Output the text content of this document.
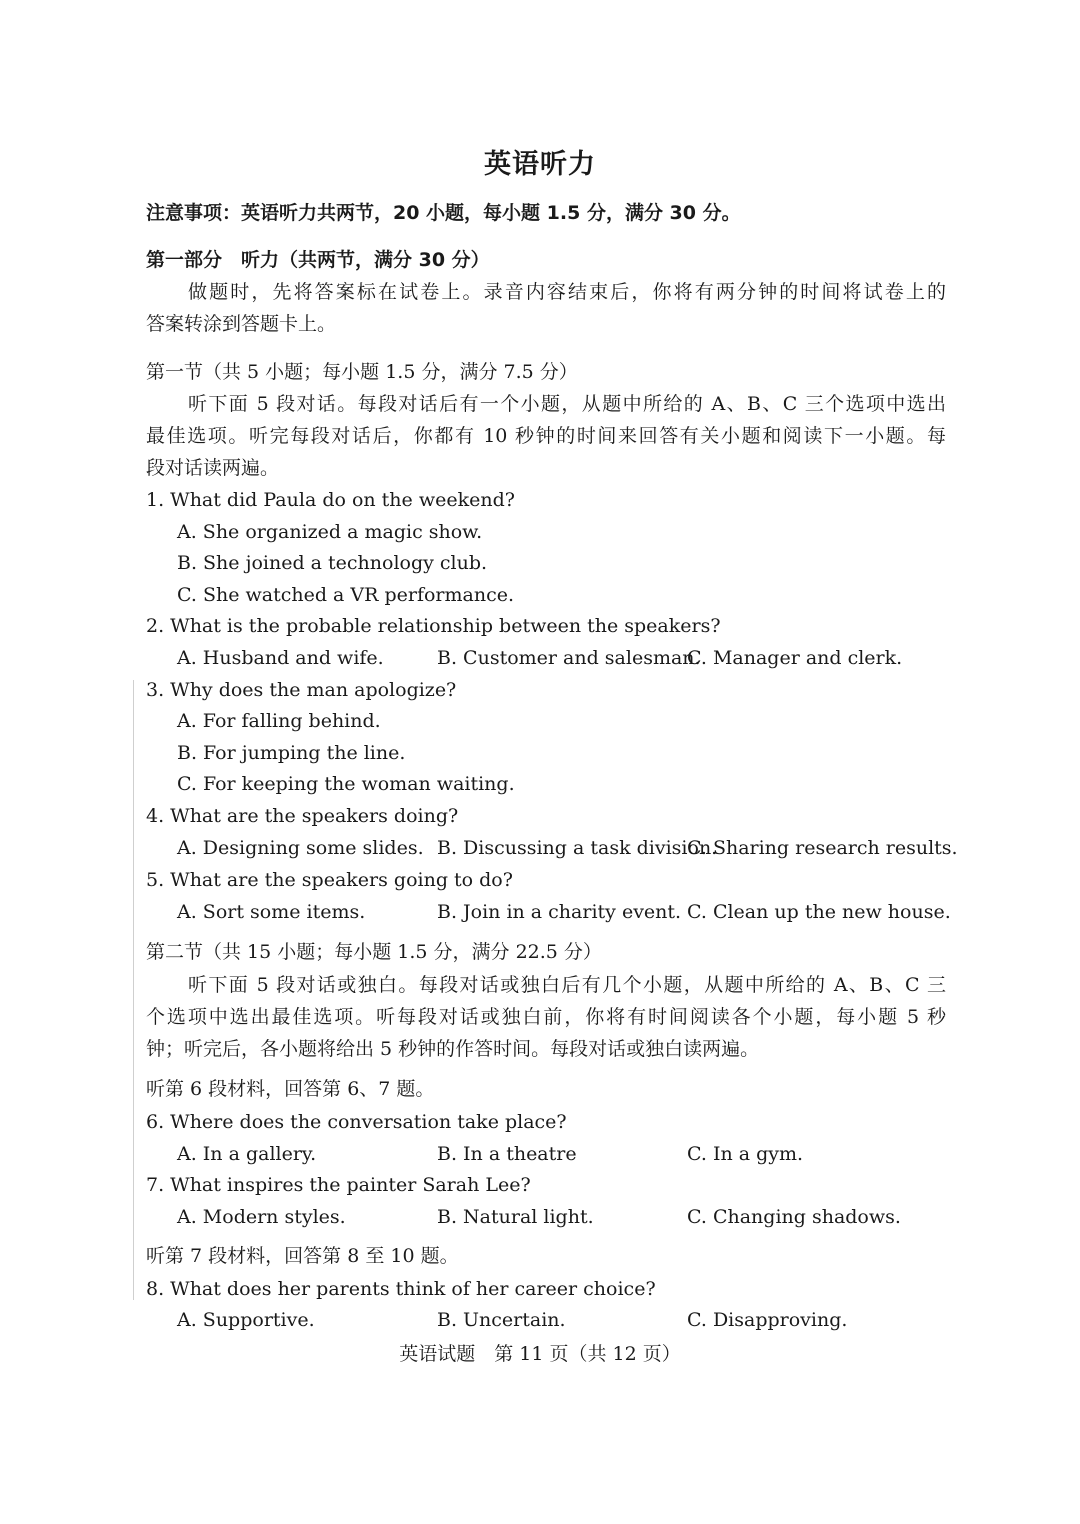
英语听力
注意事项：英语听力共两节，20 小题，每小题 1.5 分，满分 30 分。
第一部分　听力（共两节，满分 30 分）
做题时，先将答案标在试卷上。录音内容结束后，你将有两分钟的时间将试卷上的
答案转涂到答题卡上。
第一节（共 5 小题；每小题 1.5 分，满分 7.5 分）
听下面 5 段对话。每段对话后有一个小题，从题中所给的 A、B、C 三个选项中选出
最佳选项。听完每段对话后，你都有 10 秒钟的时间来回答有关小题和阅读下一小题。每
段对话读两遍。
1. What did Paula do on the weekend?
A. She organized a magic show.
B. She joined a technology club.
C. She watched a VR performance.
2. What is the probable relationship between the speakers?
A. Husband and wife.	B. Customer and salesman.
C. Manager and clerk.
3. Why does the man apologize?
A. For falling behind.
B. For jumping the line.
C. For keeping the woman waiting.
4. What are the speakers doing?
A. Designing some slides. B. Discussing a task division.
C. Sharing research results.
5. What are the speakers going to do?
A. Sort some items.	B. Join in a charity event. C. Clean up the new house.
第二节（共 15 小题；每小题 1.5 分，满分 22.5 分）
听下面 5 段对话或独白。每段对话或独白后有几个小题，从题中所给的 A、B、C 三
个选项中选出最佳选项。听每段对话或独白前，你将有时间阅读各个小题，每小题 5 秒
钟；听完后，各小题将给出 5 秒钟的作答时间。每段对话或独白读两遍。
听第 6 段材料，回答第 6、7 题。
6. Where does the conversation take place?
A. In a gallery.	B. In a theatre	C. In a gym.
7. What inspires the painter Sarah Lee?
A. Modern styles.	B. Natural light.	C. Changing shadows.
听第 7 段材料，回答第 8 至 10 题。
8. What does her parents think of her career choice?
A. Supportive.	B. Uncertain.	C. Disapproving.
英语试题　第 11 页（共 12 页）
